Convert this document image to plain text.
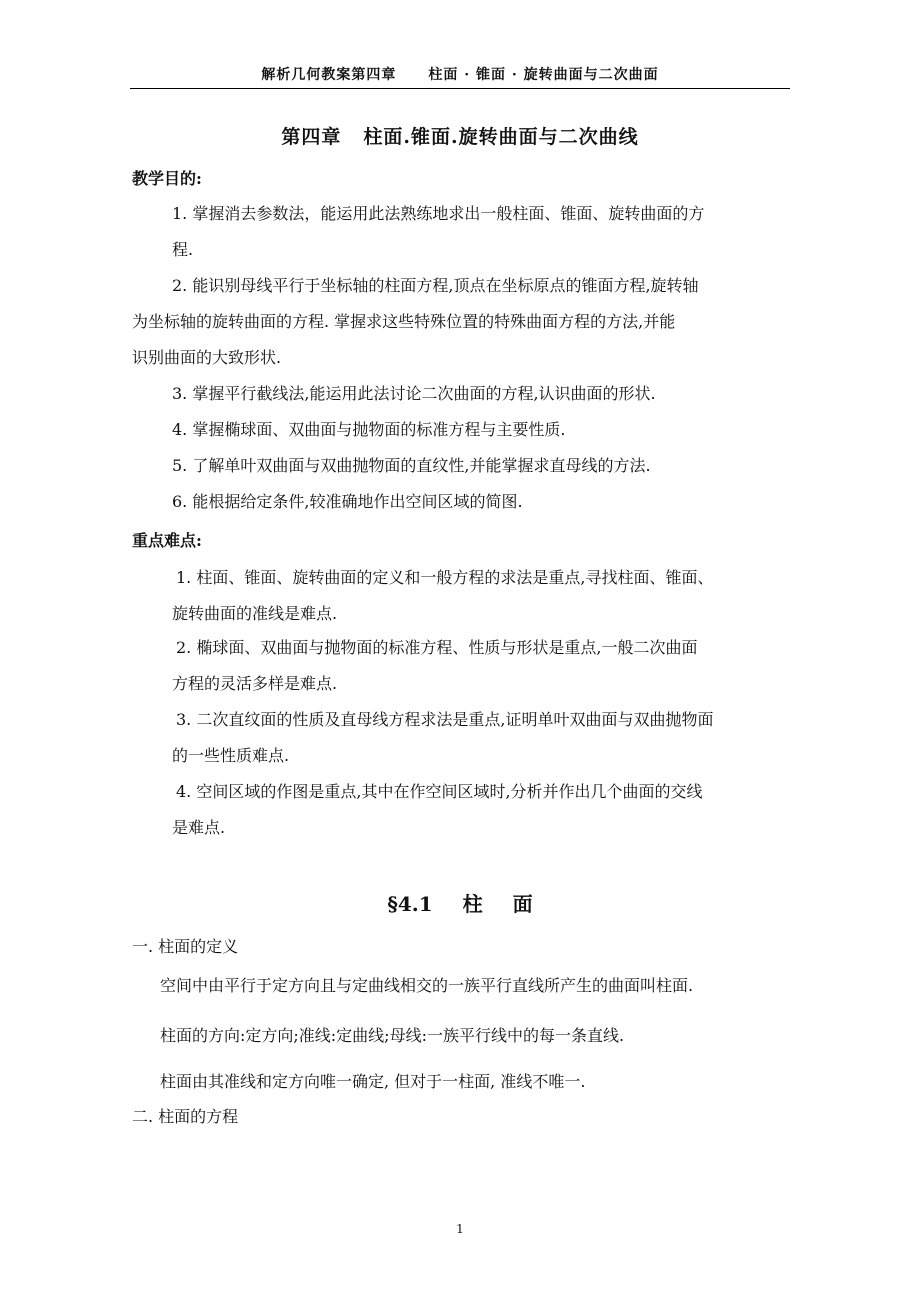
解析几何教案第四章 柱面 · 锥面 · 旋转曲面与二次曲面
第四章 柱面.锥面.旋转曲面与二次曲线
教学目的:
1. 掌握消去参数法，能运用此法熟练地求出一般柱面、锥面、旋转曲面的方
程.
2. 能识别母线平行于坐标轴的柱面方程,顶点在坐标原点的锥面方程,旋转轴
为坐标轴的旋转曲面的方程. 掌握求这些特殊位置的特殊曲面方程的方法,并能
识别曲面的大致形状.
3. 掌握平行截线法,能运用此法讨论二次曲面的方程,认识曲面的形状.
4. 掌握椭球面、双曲面与抛物面的标准方程与主要性质.
5. 了解单叶双曲面与双曲抛物面的直纹性,并能掌握求直母线的方法.
6. 能根据给定条件,较准确地作出空间区域的简图.
重点难点:
1. 柱面、锥面、旋转曲面的定义和一般方程的求法是重点,寻找柱面、锥面、
旋转曲面的准线是难点.
2. 椭球面、双曲面与抛物面的标准方程、性质与形状是重点,一般二次曲面
方程的灵活多样是难点.
3. 二次直纹面的性质及直母线方程求法是重点,证明单叶双曲面与双曲抛物面
的一些性质难点.
4. 空间区域的作图是重点,其中在作空间区域时,分析并作出几个曲面的交线
是难点.
§4.1 柱 面
一. 柱面的定义
空间中由平行于定方向且与定曲线相交的一族平行直线所产生的曲面叫柱面.
柱面的方向:定方向;准线:定曲线;母线:一族平行线中的每一条直线.
柱面由其准线和定方向唯一确定, 但对于一柱面, 准线不唯一.
二. 柱面的方程
1
